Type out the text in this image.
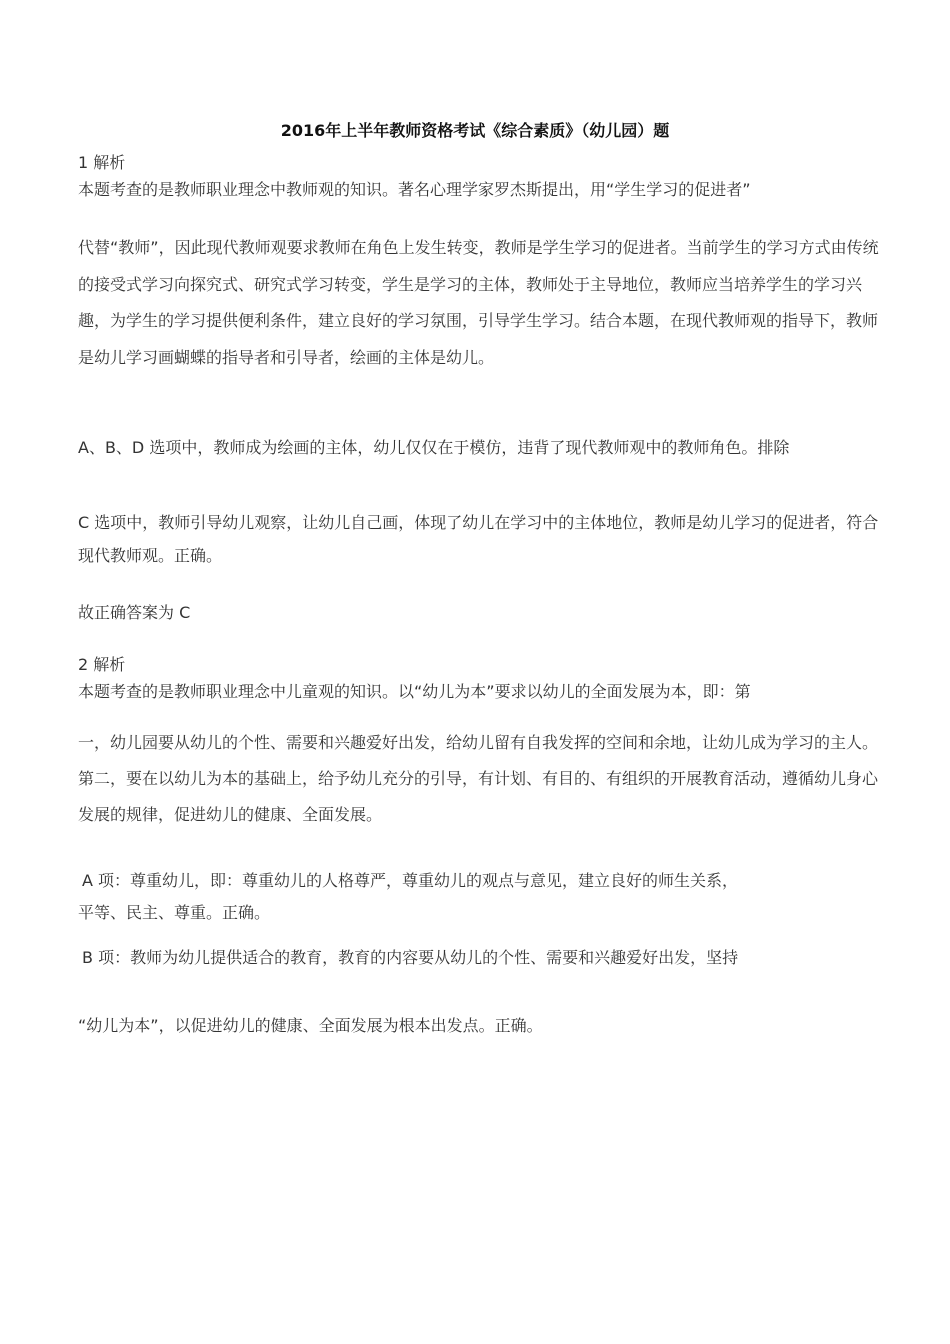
2016年上半年教师资格考试《综合素质》（幼儿园）题

1 解析

本题考查的是教师职业理念中教师观的知识。著名心理学家罗杰斯提出，用“学生学习的促进者”

代替“教师”，因此现代教师观要求教师在角色上发生转变，教师是学生学习的促进者。当前学生的学习方式由传统的接受式学习向探究式、研究式学习转变，学生是学习的主体，教师处于主导地位，教师应当培养学生的学习兴趣，为学生的学习提供便利条件，建立良好的学习氛围，引导学生学习。结合本题，在现代教师观的指导下，教师是幼儿学习画蝴蝶的指导者和引导者，绘画的主体是幼儿。

A、B、D 选项中，教师成为绘画的主体，幼儿仅仅在于模仿，违背了现代教师观中的教师角色。排除

C 选项中，教师引导幼儿观察，让幼儿自己画，体现了幼儿在学习中的主体地位，教师是幼儿学习的促进者，符合现代教师观。正确。

故正确答案为 C

2 解析

本题考查的是教师职业理念中儿童观的知识。以“幼儿为本”要求以幼儿的全面发展为本，即：第

一，幼儿园要从幼儿的个性、需要和兴趣爱好出发，给幼儿留有自我发挥的空间和余地，让幼儿成为学习的主人。第二，要在以幼儿为本的基础上，给予幼儿充分的引导，有计划、有目的、有组织的开展教育活动，遵循幼儿身心发展的规律，促进幼儿的健康、全面发展。

A 项：尊重幼儿，即：尊重幼儿的人格尊严，尊重幼儿的观点与意见，建立良好的师生关系，

平等、民主、尊重。正确。

B 项：教师为幼儿提供适合的教育，教育的内容要从幼儿的个性、需要和兴趣爱好出发，坚持

“幼儿为本”，以促进幼儿的健康、全面发展为根本出发点。正确。
